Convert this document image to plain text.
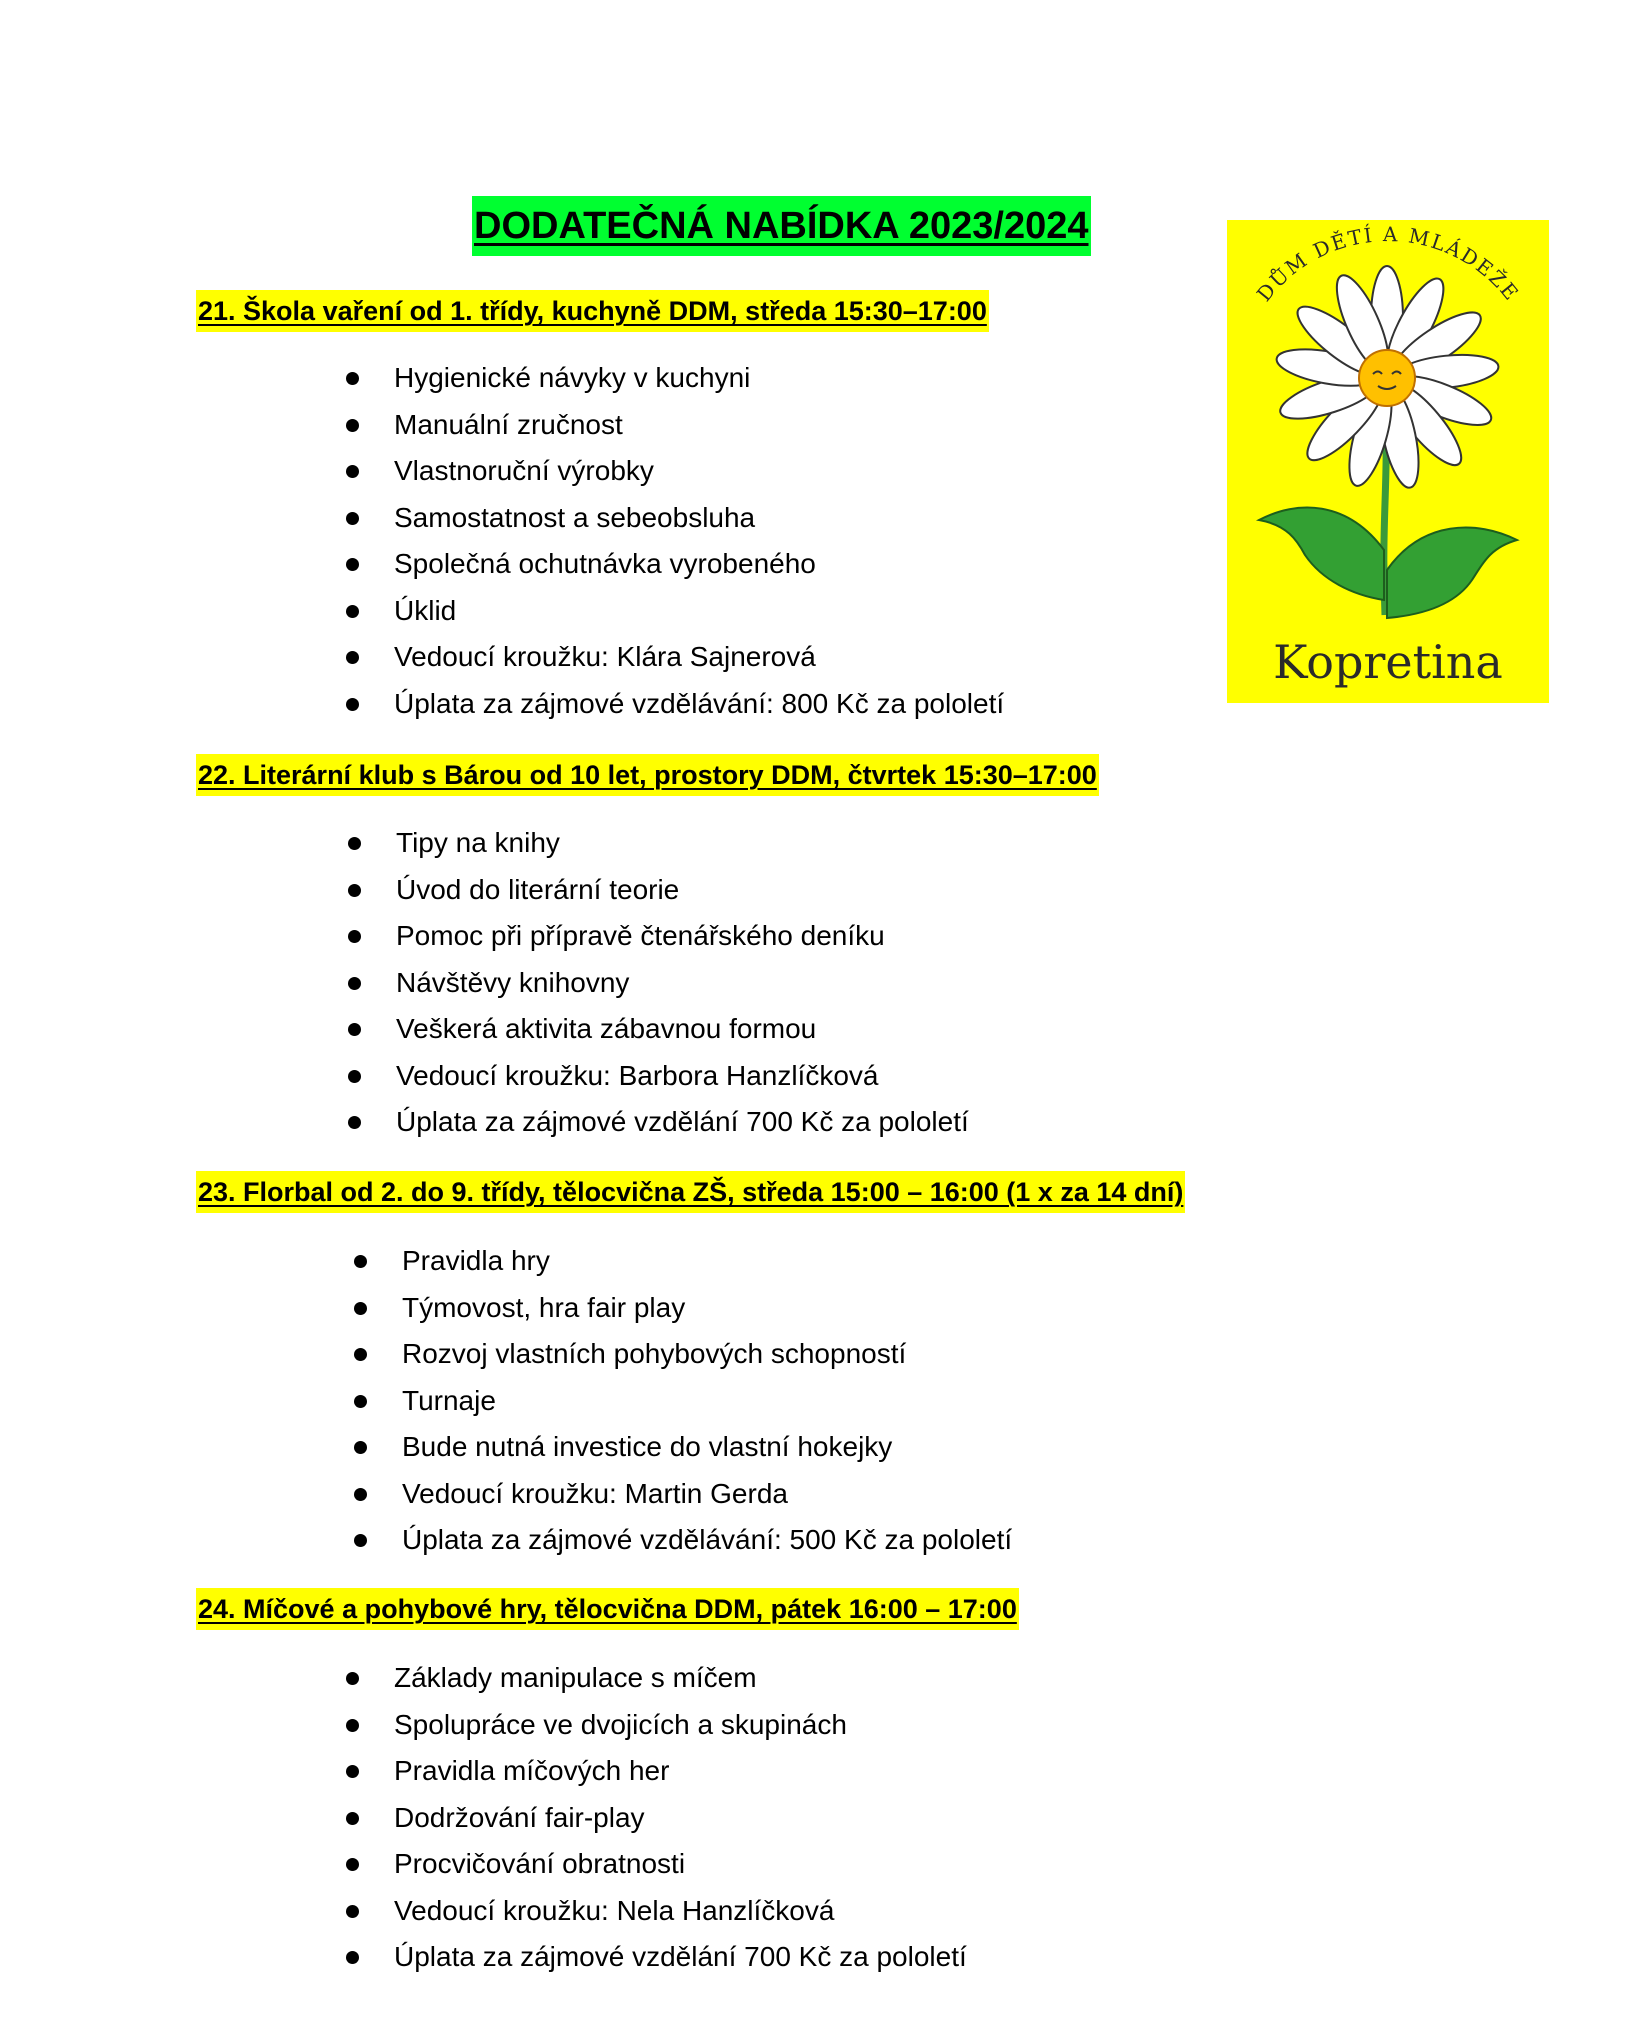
DODATEČNÁ NABÍDKA 2023/2024
DŮM DĚTÍ A MLÁDEŽE
Kopretina
21. Škola vaření od 1. třídy, kuchyně DDM, středa 15:30–17:00
Hygienické návyky v kuchyni
Manuální zručnost
Vlastnoruční výrobky
Samostatnost a sebeobsluha
Společná ochutnávka vyrobeného
Úklid
Vedoucí kroužku: Klára Sajnerová
Úplata za zájmové vzdělávání: 800 Kč za pololetí
22. Literární klub s Bárou od 10 let, prostory DDM, čtvrtek 15:30–17:00
Tipy na knihy
Úvod do literární teorie
Pomoc při přípravě čtenářského deníku
Návštěvy knihovny
Veškerá aktivita zábavnou formou
Vedoucí kroužku: Barbora Hanzlíčková
Úplata za zájmové vzdělání 700 Kč za pololetí
23. Florbal od 2. do 9. třídy, tělocvična ZŠ, středa 15:00 – 16:00 (1 x za 14 dní)
Pravidla hry
Týmovost, hra fair play
Rozvoj vlastních pohybových schopností
Turnaje
Bude nutná investice do vlastní hokejky
Vedoucí kroužku: Martin Gerda
Úplata za zájmové vzdělávání: 500 Kč za pololetí
24. Míčové a pohybové hry, tělocvična DDM, pátek 16:00 – 17:00
Základy manipulace s míčem
Spolupráce ve dvojicích a skupinách
Pravidla míčových her
Dodržování fair-play
Procvičování obratnosti
Vedoucí kroužku: Nela Hanzlíčková
Úplata za zájmové vzdělání 700 Kč za pololetí
